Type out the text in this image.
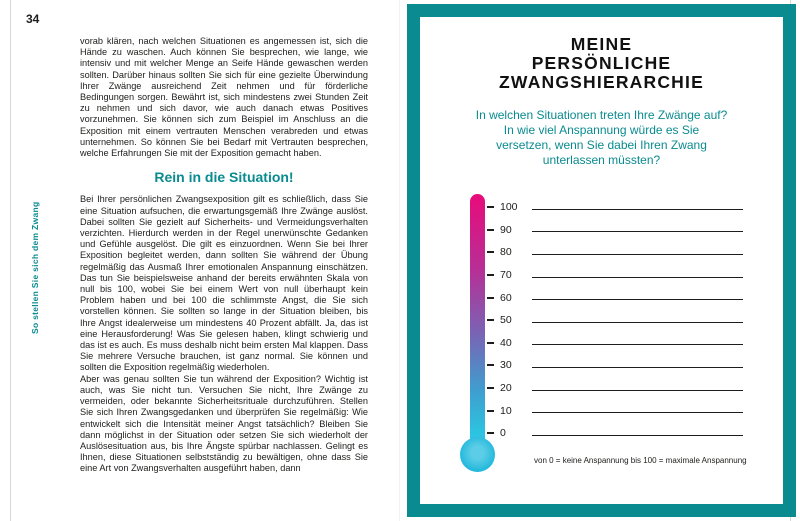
34
So stellen Sie sich dem Zwang

vorab klären, nach welchen Situationen es angemessen ist, sich die Hände zu waschen. Auch können Sie besprechen, wie lange, wie intensiv und mit welcher Menge an Seife Hände gewaschen werden sollten. Darüber hinaus sollten Sie sich für eine gezielte Überwindung Ihrer Zwänge ausreichend Zeit nehmen und für förderliche Bedingungen sorgen. Bewährt ist, sich mindestens zwei Stunden Zeit zu nehmen und sich davor, wie auch danach etwas Positives vorzunehmen. Sie können sich zum Beispiel im Anschluss an die Exposition mit einem vertrauten Menschen verabreden und etwas unternehmen. So können Sie bei Bedarf mit Vertrauten besprechen, welche Erfahrungen Sie mit der Exposition gemacht haben.

Rein in die Situation!

Bei Ihrer persönlichen Zwangsexposition gilt es schließlich, dass Sie eine Situation aufsuchen, die erwartungsgemäß Ihre Zwänge auslöst. Dabei sollten Sie gezielt auf Sicherheits- und Vermeidungsverhalten verzichten. Hierdurch werden in der Regel unerwünschte Gedanken und Gefühle ausgelöst. Die gilt es einzuordnen. Wenn Sie bei Ihrer Exposition begleitet werden, dann sollten Sie während der Übung regelmäßig das Ausmaß Ihrer emotionalen Anspannung einschätzen. Das tun Sie beispielsweise anhand der bereits erwähnten Skala von null bis 100, wobei Sie bei einem Wert von null überhaupt kein Problem haben und bei 100 die schlimmste Angst, die Sie sich vorstellen können. Sie sollten so lange in der Situation bleiben, bis Ihre Angst idealerweise um mindestens 40 Prozent abfällt. Ja, das ist eine Herausforderung! Was Sie gelesen haben, klingt schwierig und das ist es auch. Es muss deshalb nicht beim ersten Mal klappen. Dass Sie mehrere Versuche brauchen, ist ganz normal. Sie können und sollten die Exposition regelmäßig wiederholen.

Aber was genau sollten Sie tun während der Exposition? Wichtig ist auch, was Sie nicht tun. Versuchen Sie nicht, Ihre Zwänge zu vermeiden, oder bekannte Sicherheitsrituale durchzuführen. Stellen Sie sich Ihren Zwangsgedanken und überprüfen Sie regelmäßig: Wie entwickelt sich die Intensität meiner Angst tatsächlich? Bleiben Sie dann möglichst in der Situation oder setzen Sie sich wiederholt der Auslösesituation aus, bis Ihre Ängste spürbar nachlassen. Gelingt es Ihnen, diese Situationen selbstständig zu bewältigen, ohne dass Sie eine Art von Zwangsverhalten ausgeführt haben, dann

MEINE
PERSÖNLICHE
ZWANGSHIERARCHIE
In welchen Situationen treten Ihre Zwänge auf? In wie viel Anspannung würde es Sie versetzen, wenn Sie dabei Ihren Zwang unterlassen müssten?
100
90
80
70
60
50
40
30
20
10
0
von 0 = keine Anspannung bis 100 = maximale Anspannung
